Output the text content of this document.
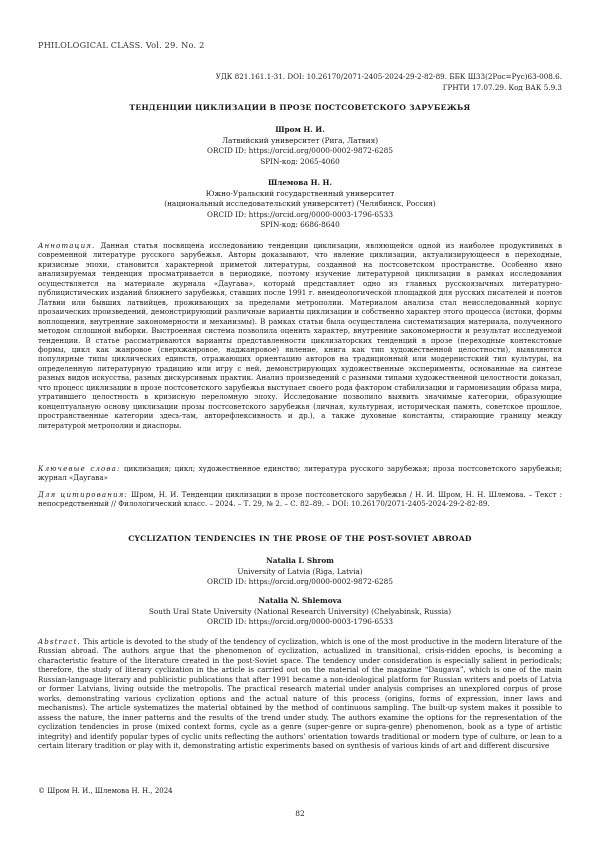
PHILOLOGICAL CLASS. Vol. 29. No. 2
УДК 821.161.1-31. DOI: 10.26170/2071-2405-2024-29-2-82-89. ББК Ш33(2Рос=Рус)63-008.6.
ГРНТИ 17.07.29. Код ВАК 5.9.3
ТЕНДЕНЦИИ ЦИКЛИЗАЦИИ В ПРОЗЕ ПОСТСОВЕТСКОГО ЗАРУБЕЖЬЯ
Шром Н. И.
Латвийский университет (Рига, Латвия)
ORCID ID: https://orcid.org/0000-0002-9872-6285
SPIN-код: 2065-4060
Шлемова Н. Н.
Южно-Уральский государственный университет
(национальный исследовательский университет) (Челябинск, Россия)
ORCID ID: https://orcid.org/0000-0003-1796-6533
SPIN-код: 6686-8640
Аннотация. Данная статья посвящена исследованию тенденции циклизации, являющейся одной из наиболее продуктивных в современной литературе русского зарубежья. Авторы доказывают, что явление циклизации, актуализирующееся в переходные, кризисные эпохи, становится характерной приметой литературы, созданной на постсоветском пространстве. Особенно явно анализируемая тенденция просматривается в периодике, поэтому изучение литературной циклизации в рамках исследования осуществляется на материале журнала «Даугава», который представляет одно из главных русскоязычных литературно-публицистических изданий ближнего зарубежья, ставших после 1991 г. внеидеологической площадкой для русских писателей и поэтов Латвии или бывших латвийцев, проживающих за пределами метрополии. Материалом анализа стал неисследованный корпус прозаических произведений, демонстрирующий различные варианты циклизации и собственно характер этого процесса (истоки, формы воплощения, внутренние закономерности и механизмы). В рамках статьи была осуществлена систематизация материала, полученного методом сплошной выборки. Выстроенная система позволила оценить характер, внутренние закономерности и результат исследуемой тенденции. В статье рассматриваются варианты представленности циклизаторских тенденций в прозе (переходные контекстовые формы, цикл как жанровое (сверхжанровое, наджанровое) явление, книга как тип художественной целостности), выявляются популярные типы циклических единств, отражающих ориентацию авторов на традиционный или модернистский тип культуры, на определенную литературную традицию или игру с ней, демонстрирующих художественные эксперименты, основанные на синтезе разных видов искусства, разных дискурсивных практик. Анализ произведений с разными типами художественной целостности доказал, что процесс циклизации в прозе постсоветского зарубежья выступает своего рода фактором стабилизации и гармонизации образа мира, утратившего целостность в кризисную переломную эпоху. Исследование позволило выявить значимые категории, образующие концептуальную основу циклизации прозы постсоветского зарубежья (личная, культурная, историческая память, советское прошлое, пространственные категории здесь-там, авторефлексивность и др.), а также духовные константы, стирающие границу между литературой метрополии и диаспоры.
Ключевые слова: циклизация; цикл; художественное единство; литература русского зарубежья; проза постсоветского зарубежья; журнал «Даугава»
Для цитирования: Шром, Н. И. Тенденции циклизации в прозе постсоветского зарубежья / Н. И. Шром, Н. Н. Шлемова. – Текст : непосредственный // Филологический класс. – 2024. – Т. 29, № 2. – С. 82–89. – DOI: 10.26170/2071-2405-2024-29-2-82-89.
CYCLIZATION TENDENCIES IN THE PROSE OF THE POST-SOVIET ABROAD
Natalia I. Shrom
University of Latvia (Riga, Latvia)
ORCID ID: https://orcid.org/0000-0002-9872-6285
Natalia N. Shlemova
South Ural State University (National Research University) (Chelyabinsk, Russia)
ORCID ID: https://orcid.org/0000-0003-1796-6533
Abstract. This article is devoted to the study of the tendency of cyclization, which is one of the most productive in the modern literature of the Russian abroad. The authors argue that the phenomenon of cyclization, actualized in transitional, crisis-ridden epochs, is becoming a characteristic feature of the literature created in the post-Soviet space. The tendency under consideration is especially salient in periodicals; therefore, the study of literary cyclization in the article is carried out on the material of the magazine “Daugava”, which is one of the main Russian-language literary and publicistic publications that after 1991 became a non-ideological platform for Russian writers and poets of Latvia or former Latvians, living outside the metropolis. The practical research material under analysis comprises an unexplored corpus of prose works, demonstrating various cyclization options and the actual nature of this process (origins, forms of expression, inner laws and mechanisms). The article systematizes the material obtained by the method of continuous sampling. The built-up system makes it possible to assess the nature, the inner patterns and the results of the trend under study. The authors examine the options for the representation of the cyclization tendencies in prose (mixed context forms, cycle as a genre (super-genre or supra-genre) phenomenon, book as a type of artistic integrity) and identify popular types of cyclic units reflecting the authors’ orientation towards traditional or modern type of culture, or lean to a certain literary tradition or play with it, demonstrating artistic experiments based on synthesis of various kinds of art and different discursive
© Шром Н. И., Шлемова Н. Н., 2024
82
